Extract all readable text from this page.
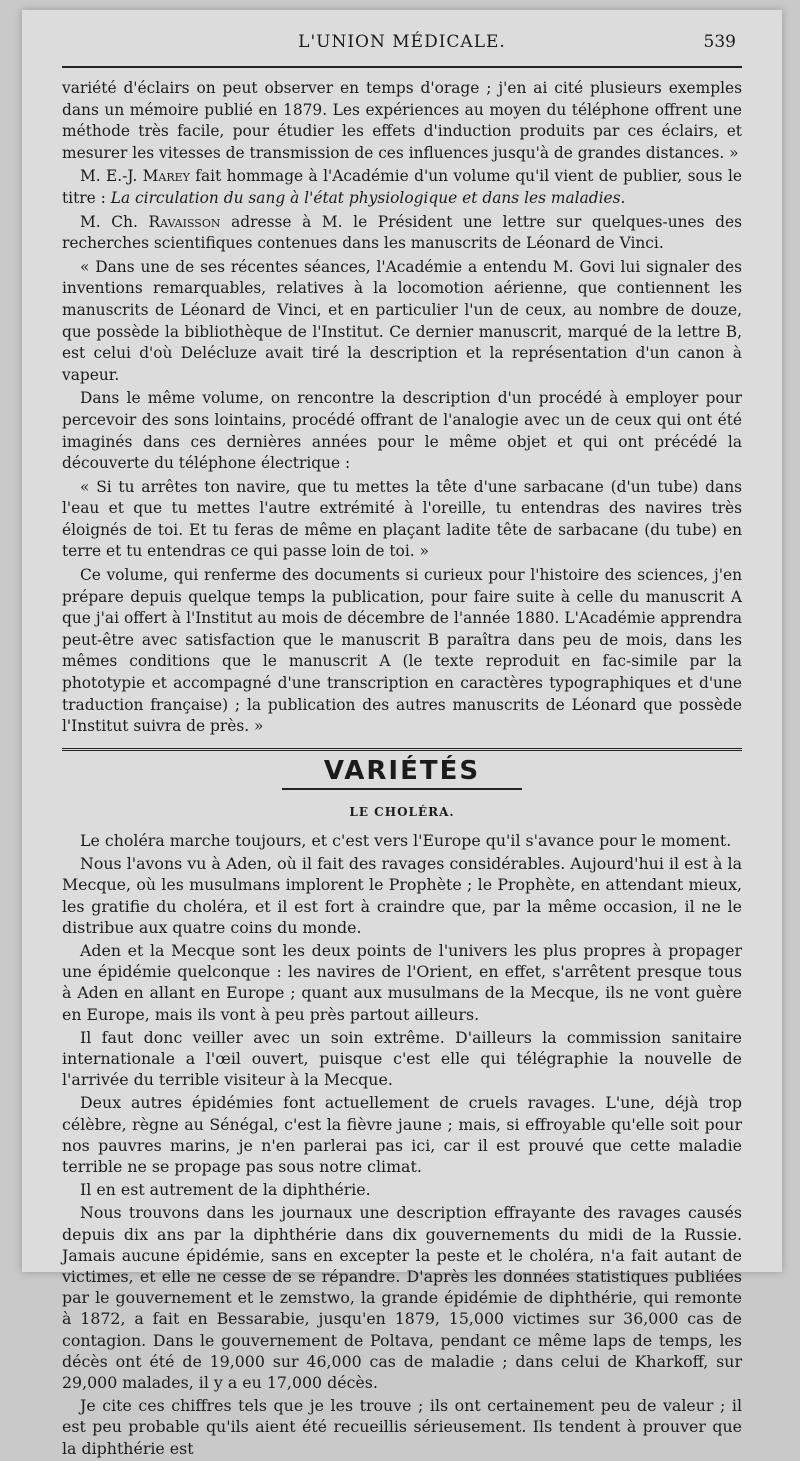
L'UNION MÉDICALE.	539

variété d'éclairs on peut observer en temps d'orage ; j'en ai cité plusieurs exemples dans un mémoire publié en 1879. Les expériences au moyen du téléphone offrent une méthode très facile, pour étudier les effets d'induction produits par ces éclairs, et mesurer les vitesses de transmission de ces influences jusqu'à de grandes distances. »

M. E.-J. Marey fait hommage à l'Académie d'un volume qu'il vient de publier, sous le titre : La circulation du sang à l'état physiologique et dans les maladies.

M. Ch. Ravaisson adresse à M. le Président une lettre sur quelques-unes des recherches scientifiques contenues dans les manuscrits de Léonard de Vinci.

« Dans une de ses récentes séances, l'Académie a entendu M. Govi lui signaler des inventions remarquables, relatives à la locomotion aérienne, que contiennent les manuscrits de Léonard de Vinci, et en particulier l'un de ceux, au nombre de douze, que possède la bibliothèque de l'Institut. Ce dernier manuscrit, marqué de la lettre B, est celui d'où Delécluze avait tiré la description et la représentation d'un canon à vapeur.

Dans le même volume, on rencontre la description d'un procédé à employer pour percevoir des sons lointains, procédé offrant de l'analogie avec un de ceux qui ont été imaginés dans ces dernières années pour le même objet et qui ont précédé la découverte du téléphone électrique :

« Si tu arrêtes ton navire, que tu mettes la tête d'une sarbacane (d'un tube) dans l'eau et que tu mettes l'autre extrémité à l'oreille, tu entendras des navires très éloignés de toi. Et tu feras de même en plaçant ladite tête de sarbacane (du tube) en terre et tu entendras ce qui passe loin de toi. »

Ce volume, qui renferme des documents si curieux pour l'histoire des sciences, j'en prépare depuis quelque temps la publication, pour faire suite à celle du manuscrit A que j'ai offert à l'Institut au mois de décembre de l'année 1880. L'Académie apprendra peut-être avec satisfaction que le manuscrit B paraîtra dans peu de mois, dans les mêmes conditions que le manuscrit A (le texte reproduit en fac-simile par la phototypie et accompagné d'une transcription en caractères typographiques et d'une traduction française) ; la publication des autres manuscrits de Léonard que possède l'Institut suivra de près. »

VARIÉTÉS
LE CHOLÉRA.

Le choléra marche toujours, et c'est vers l'Europe qu'il s'avance pour le moment.

Nous l'avons vu à Aden, où il fait des ravages considérables. Aujourd'hui il est à la Mecque, où les musulmans implorent le Prophète ; le Prophète, en attendant mieux, les gratifie du choléra, et il est fort à craindre que, par la même occasion, il ne le distribue aux quatre coins du monde.

Aden et la Mecque sont les deux points de l'univers les plus propres à propager une épidémie quelconque : les navires de l'Orient, en effet, s'arrêtent presque tous à Aden en allant en Europe ; quant aux musulmans de la Mecque, ils ne vont guère en Europe, mais ils vont à peu près partout ailleurs.

Il faut donc veiller avec un soin extrême. D'ailleurs la commission sanitaire internationale a l'œil ouvert, puisque c'est elle qui télégraphie la nouvelle de l'arrivée du terrible visiteur à la Mecque.

Deux autres épidémies font actuellement de cruels ravages. L'une, déjà trop célèbre, règne au Sénégal, c'est la fièvre jaune ; mais, si effroyable qu'elle soit pour nos pauvres marins, je n'en parlerai pas ici, car il est prouvé que cette maladie terrible ne se propage pas sous notre climat.

Il en est autrement de la diphthérie.

Nous trouvons dans les journaux une description effrayante des ravages causés depuis dix ans par la diphthérie dans dix gouvernements du midi de la Russie. Jamais aucune épidémie, sans en excepter la peste et le choléra, n'a fait autant de victimes, et elle ne cesse de se répandre. D'après les données statistiques publiées par le gouvernement et le zemstwo, la grande épidémie de diphthérie, qui remonte à 1872, a fait en Bessarabie, jusqu'en 1879, 15,000 victimes sur 36,000 cas de contagion. Dans le gouvernement de Poltava, pendant ce même laps de temps, les décès ont été de 19,000 sur 46,000 cas de maladie ; dans celui de Kharkoff, sur 29,000 malades, il y a eu 17,000 décès.

Je cite ces chiffres tels que je les trouve ; ils ont certainement peu de valeur ; il est peu probable qu'ils aient été recueillis sérieusement. Ils tendent à prouver que la diphthérie est
